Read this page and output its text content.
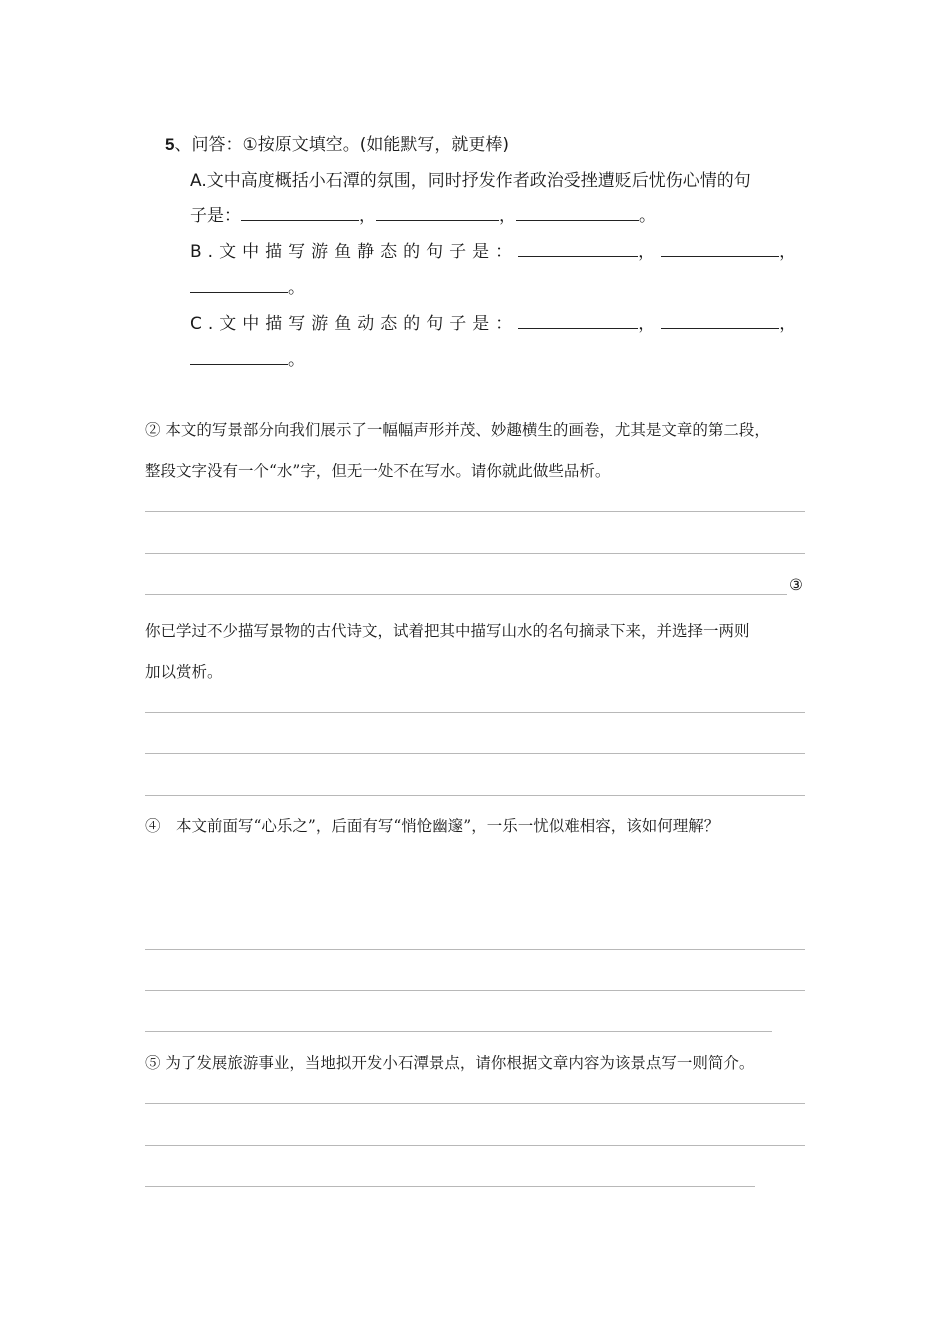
5、问答：①按原文填空。(如能默写，就更棒)
A.文中高度概括小石潭的氛围，同时抒发作者政治受挫遭贬后忧伤心情的句
子是：	，	，	。
B.文中描写游鱼静态的句子是：	，	，
。
C.文中描写游鱼动态的句子是：	，	，
。
② 本文的写景部分向我们展示了一幅幅声形并茂、妙趣横生的画卷，尤其是文章的第二段，
整段文字没有一个“水”字，但无一处不在写水。请你就此做些品析。
③
你已学过不少描写景物的古代诗文，试着把其中描写山水的名句摘录下来，并选择一两则
加以赏析。
④　本文前面写“心乐之”，后面有写“悄怆幽邃”，一乐一忧似难相容，该如何理解？
⑤ 为了发展旅游事业，当地拟开发小石潭景点，请你根据文章内容为该景点写一则简介。
